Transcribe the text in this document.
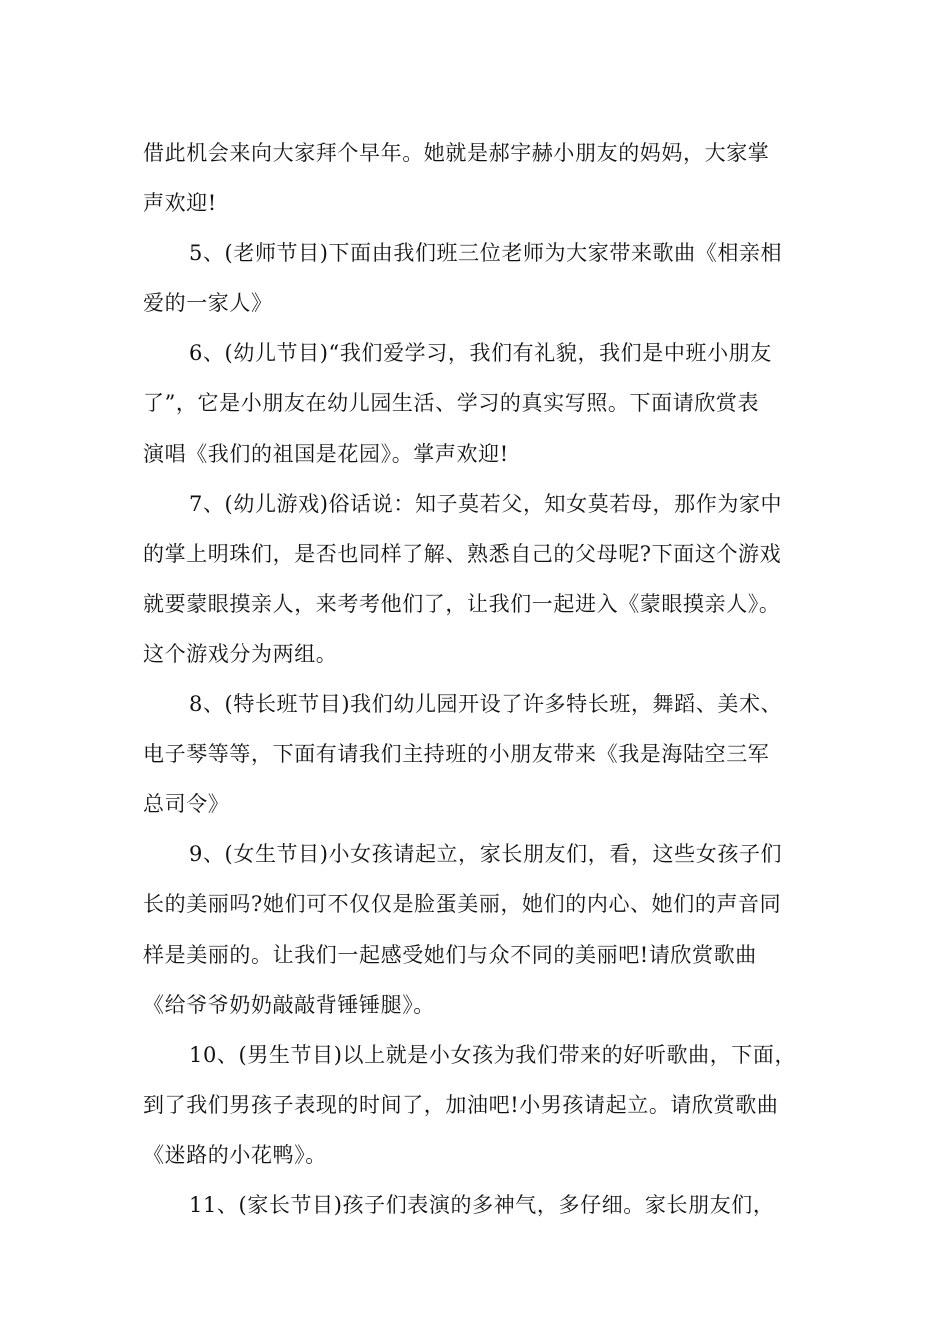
借此机会来向大家拜个早年。她就是郝宇赫小朋友的妈妈，大家掌
声欢迎!

5、(老师节目)下面由我们班三位老师为大家带来歌曲《相亲相
爱的一家人》

6、(幼儿节目)“我们爱学习，我们有礼貌，我们是中班小朋友
了”，它是小朋友在幼儿园生活、学习的真实写照。下面请欣赏表
演唱《我们的祖国是花园》。掌声欢迎!

7、(幼儿游戏)俗话说：知子莫若父，知女莫若母，那作为家中
的掌上明珠们，是否也同样了解、熟悉自己的父母呢?下面这个游戏
就要蒙眼摸亲人，来考考他们了，让我们一起进入《蒙眼摸亲人》。
这个游戏分为两组。

8、(特长班节目)我们幼儿园开设了许多特长班，舞蹈、美术、
电子琴等等，下面有请我们主持班的小朋友带来《我是海陆空三军
总司令》

9、(女生节目)小女孩请起立，家长朋友们，看，这些女孩子们
长的美丽吗?她们可不仅仅是脸蛋美丽，她们的内心、她们的声音同
样是美丽的。让我们一起感受她们与众不同的美丽吧!请欣赏歌曲
《给爷爷奶奶敲敲背锤锤腿》。

10、(男生节目)以上就是小女孩为我们带来的好听歌曲，下面，
到了我们男孩子表现的时间了，加油吧!小男孩请起立。请欣赏歌曲
《迷路的小花鸭》。

11、(家长节目)孩子们表演的多神气，多仔细。家长朋友们，
